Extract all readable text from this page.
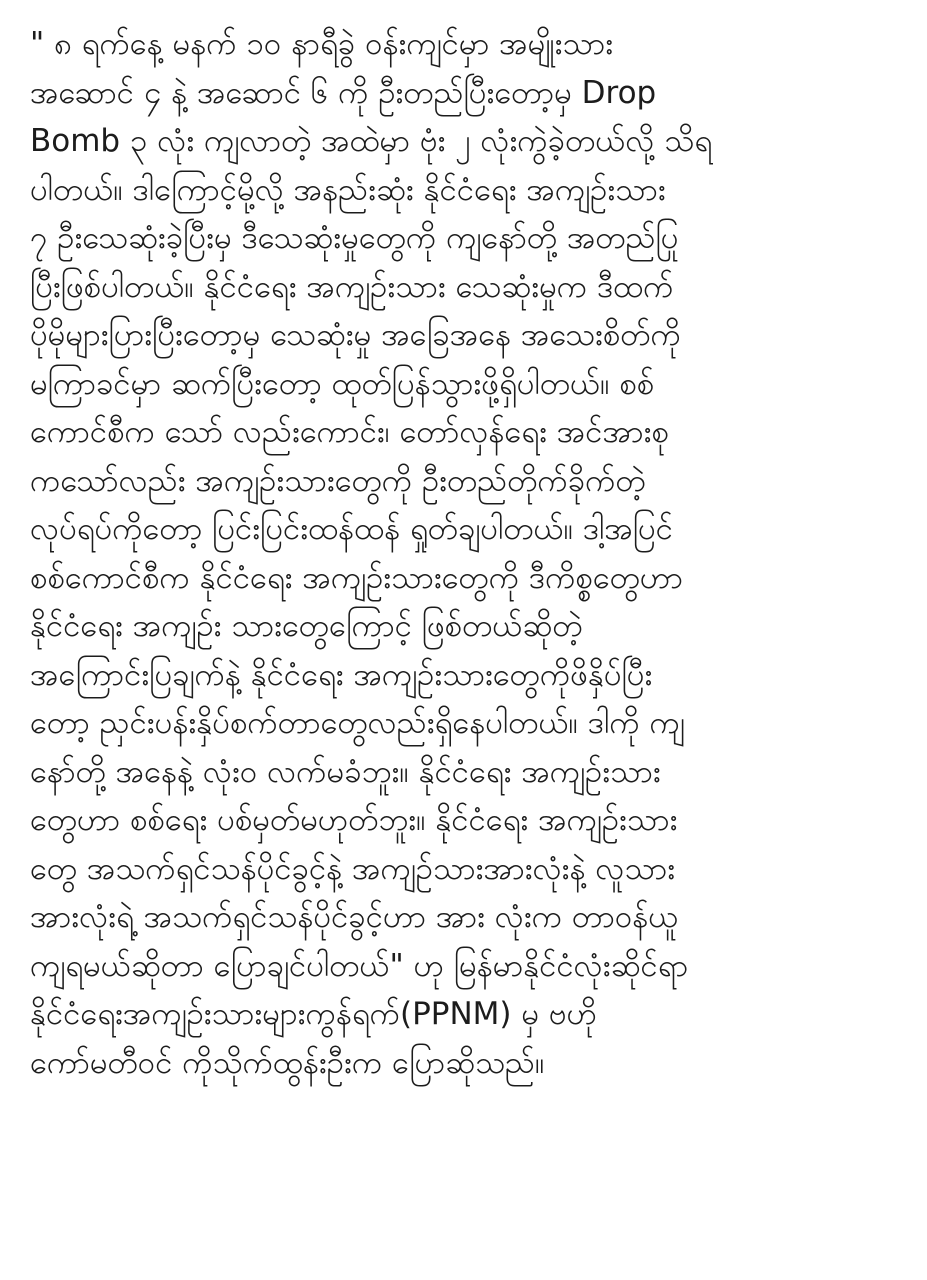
" ၈ ရက်နေ့ မနက် ၁၀ နာရီခွဲ ဝန်းကျင်မှာ အမျိုးသား
အဆောင် ၄ နဲ့ အဆောင် ၆ ကို ဦးတည်ပြီးတော့မှ Drop
Bomb ၃ လုံး ကျလာတဲ့ အထဲမှာ ဗုံး ၂ လုံးကွဲခဲ့တယ်လို့ သိရ
ပါတယ်။ ဒါကြောင့်မို့လို့ အနည်းဆုံး နိုင်ငံရေး အကျဉ်းသား
၇ ဦးသေဆုံးခဲ့ပြီးမှ ဒီသေဆုံးမှုတွေကို ကျနော်တို့ အတည်ပြု
ပြီးဖြစ်ပါတယ်။ နိုင်ငံရေး အကျဉ်းသား သေဆုံးမှုက ဒီထက်
ပိုမိုများပြားပြီးတော့မှ သေဆုံးမှု အခြေအနေ အသေးစိတ်ကို
မကြာခင်မှာ ဆက်ပြီးတော့ ထုတ်ပြန်သွားဖို့ရှိပါတယ်။ စစ်
ကောင်စီက သော် လည်းကောင်း၊ တော်လှန်ရေး အင်အားစု
ကသော်လည်း အကျဉ်းသားတွေကို ဦးတည်တိုက်ခိုက်တဲ့
လုပ်ရပ်ကိုတော့ ပြင်းပြင်းထန်ထန် ရှုတ်ချပါတယ်။ ဒါ့အပြင်
စစ်ကောင်စီက နိုင်ငံရေး အကျဉ်းသားတွေကို ဒီကိစ္စတွေဟာ
နိုင်ငံရေး အကျဉ်း သားတွေကြောင့် ဖြစ်တယ်ဆိုတဲ့
အကြောင်းပြချက်နဲ့ နိုင်ငံရေး အကျဉ်းသားတွေကိုဖိနှိပ်ပြီး
တော့ ညှင်းပန်းနှိပ်စက်တာတွေလည်းရှိနေပါတယ်။ ဒါကို ကျ
နော်တို့ အနေနဲ့ လုံးဝ လက်မခံဘူး။ နိုင်ငံရေး အကျဉ်းသား
တွေဟာ စစ်ရေး ပစ်မှတ်မဟုတ်ဘူး။ နိုင်ငံရေး အကျဉ်းသား
တွေ အသက်ရှင်သန်ပိုင်ခွင့်နဲ့ အကျဉ်သားအားလုံးနဲ့ လူသား
အားလုံးရဲ့ အသက်ရှင်သန်ပိုင်ခွင့်ဟာ အား လုံးက တာဝန်ယူ
ကျရမယ်ဆိုတာ ပြောချင်ပါတယ်" ဟု မြန်မာနိုင်ငံလုံးဆိုင်ရာ
နိုင်ငံရေးအကျဉ်းသားများကွန်ရက်(PPNM) မှ ဗဟို
ကော်မတီဝင် ကိုသိုက်ထွန်းဦးက ပြောဆိုသည်။
